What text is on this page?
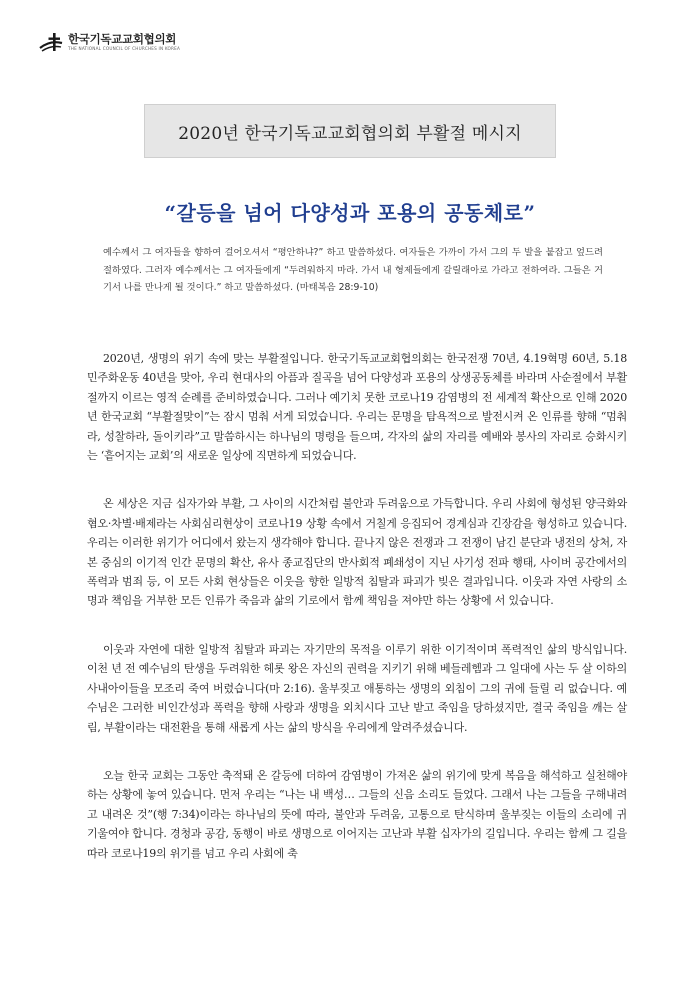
한국기독교교회협의회
THE NATIONAL COUNCIL OF CHURCHES IN KOREA
2020년 한국기독교교회협의회 부활절 메시지
“갈등을 넘어 다양성과 포용의 공동체로”
예수께서 그 여자들을 향하여 걸어오셔서 “평안하냐?” 하고 말씀하셨다. 여자들은 가까이 가서 그의 두 발을 붙잡고 엎드려 절하였다. 그러자 예수께서는 그 여자들에게 “두려워하지 마라. 가서 내 형제들에게 갈릴래아로 가라고 전하여라. 그들은 거기서 나를 만나게 될 것이다.” 하고 말씀하셨다. (마태복음 28:9-10)

2020년, 생명의 위기 속에 맞는 부활절입니다. 한국기독교교회협의회는 한국전쟁 70년, 4.19혁명 60년, 5.18민주화운동 40년을 맞아, 우리 현대사의 아픔과 질곡을 넘어 다양성과 포용의 상생공동체를 바라며 사순절에서 부활절까지 이르는 영적 순례를 준비하였습니다. 그러나 예기치 못한 코로나19 감염병의 전 세계적 확산으로 인해 2020년 한국교회 “부활절맞이”는 잠시 멈춰 서게 되었습니다. 우리는 문명을 탐욕적으로 발전시켜 온 인류를 향해 “멈춰라, 성찰하라, 돌이키라”고 말씀하시는 하나님의 명령을 들으며, 각자의 삶의 자리를 예배와 봉사의 자리로 승화시키는 ‘흩어지는 교회’의 새로운 일상에 직면하게 되었습니다.

온 세상은 지금 십자가와 부활, 그 사이의 시간처럼 불안과 두려움으로 가득합니다. 우리 사회에 형성된 양극화와 혐오·차별·배제라는 사회심리현상이 코로나19 상황 속에서 거칠게 응집되어 경계심과 긴장감을 형성하고 있습니다. 우리는 이러한 위기가 어디에서 왔는지 생각해야 합니다. 끝나지 않은 전쟁과 그 전쟁이 남긴 분단과 냉전의 상처, 자본 중심의 이기적 인간 문명의 확산, 유사 종교집단의 반사회적 폐쇄성이 지닌 사기성 전파 행태, 사이버 공간에서의 폭력과 범죄 등, 이 모든 사회 현상들은 이웃을 향한 일방적 침탈과 파괴가 빚은 결과입니다. 이웃과 자연 사랑의 소명과 책임을 거부한 모든 인류가 죽음과 삶의 기로에서 함께 책임을 져야만 하는 상황에 서 있습니다.

이웃과 자연에 대한 일방적 침탈과 파괴는 자기만의 목적을 이루기 위한 이기적이며 폭력적인 삶의 방식입니다. 이천 년 전 예수님의 탄생을 두려워한 헤롯 왕은 자신의 권력을 지키기 위해 베들레헴과 그 일대에 사는 두 살 이하의 사내아이들을 모조리 죽여 버렸습니다(마 2:16). 울부짖고 애통하는 생명의 외침이 그의 귀에 들릴 리 없습니다. 예수님은 그러한 비인간성과 폭력을 향해 사랑과 생명을 외치시다 고난 받고 죽임을 당하셨지만, 결국 죽임을 깨는 살림, 부활이라는 대전환을 통해 새롭게 사는 삶의 방식을 우리에게 알려주셨습니다.

오늘 한국 교회는 그동안 축적돼 온 갈등에 더하여 감염병이 가져온 삶의 위기에 맞게 복음을 해석하고 실천해야 하는 상황에 놓여 있습니다. 먼저 우리는 “나는 내 백성… 그들의 신음 소리도 들었다. 그래서 나는 그들을 구해내려고 내려온 것”(행 7:34)이라는 하나님의 뜻에 따라, 불안과 두려움, 고통으로 탄식하며 울부짖는 이들의 소리에 귀 기울여야 합니다. 경청과 공감, 동행이 바로 생명으로 이어지는 고난과 부활 십자가의 길입니다. 우리는 함께 그 길을 따라 코로나19의 위기를 넘고 우리 사회에 축
